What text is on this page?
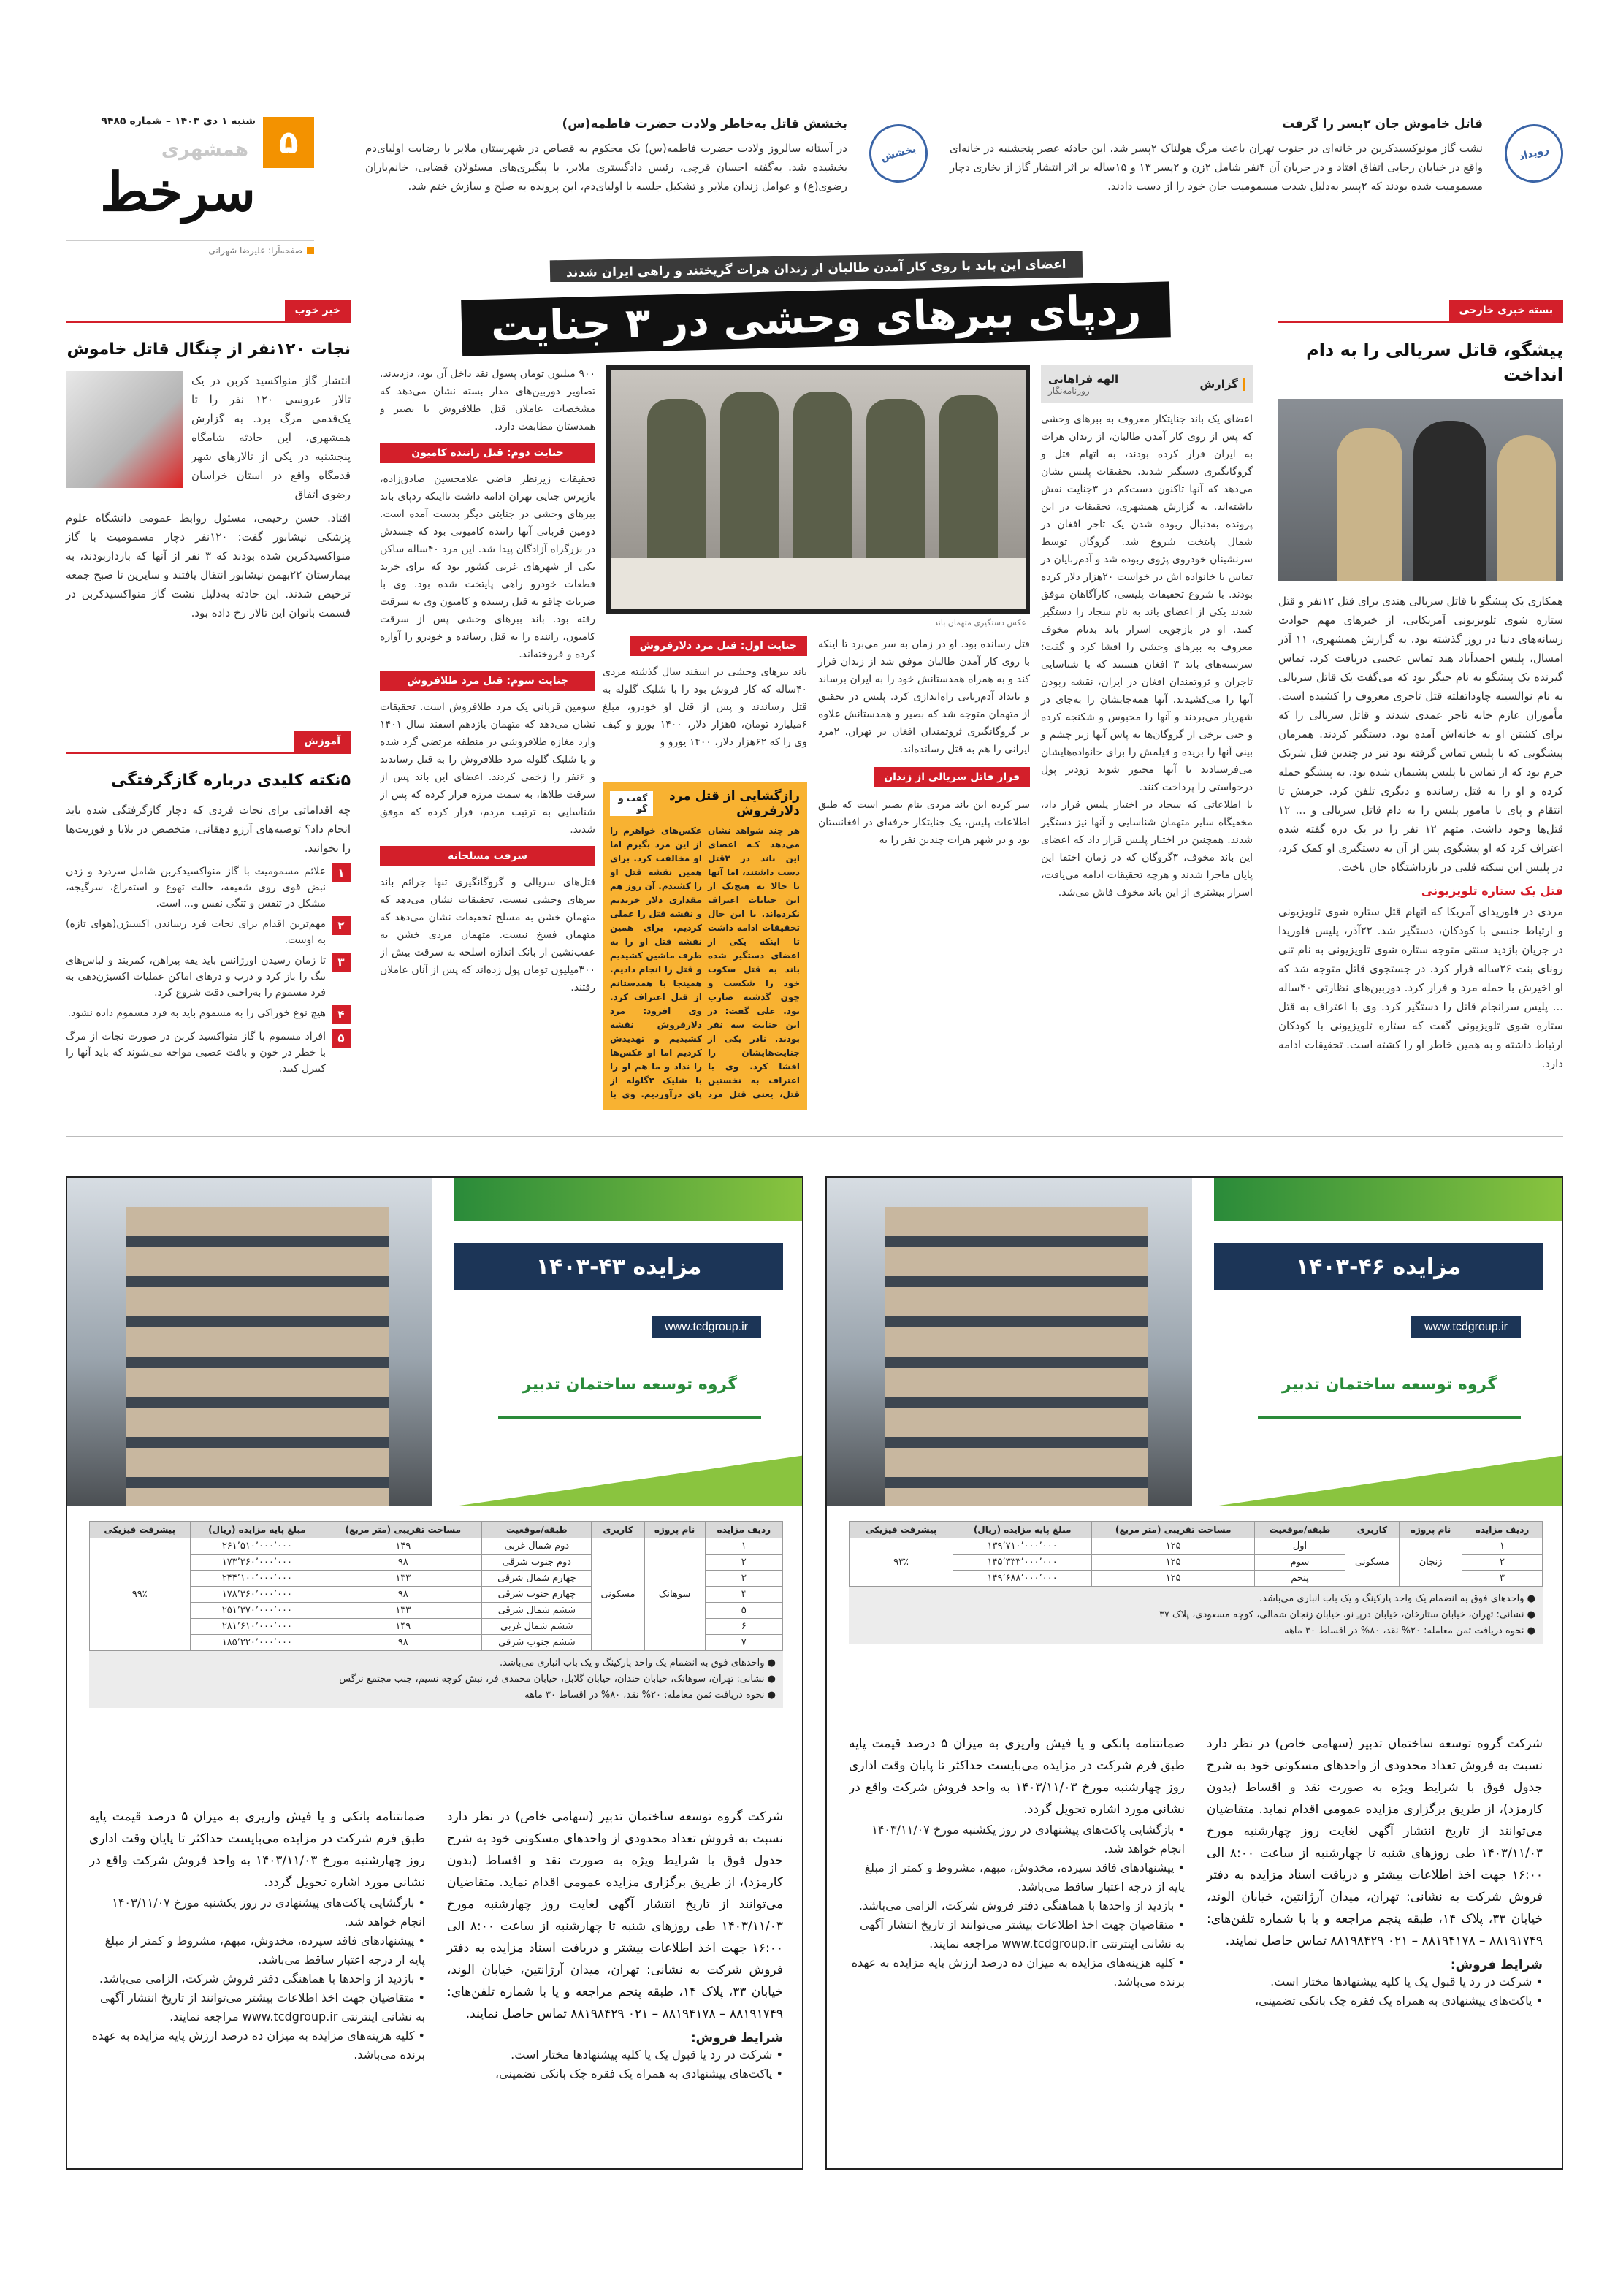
۵
شنبه ۱ دی ۱۴۰۳ – شماره ۹۴۸۵
همشهری
سرخط
صفحه‌آرا: علیرضا شهرانی
رویداد
قاتل خاموش جان ۲پسر را گرفت

نشت گاز مونوکسیدکربن در خانه‌ای در جنوب تهران باعث مرگ هولناک ۲پسر شد. این حادثه عصر پنجشنبه در خانه‌ای واقع در خیابان رجایی اتفاق افتاد و در جریان آن ۴نفر شامل ۲زن و ۲پسر ۱۳ و ۱۵ساله بر اثر انتشار گاز از بخاری دچار مسمومیت شده بودند که ۲پسر به‌دلیل شدت مسمومیت جان خود را از دست دادند.

بخشش
بخشش قاتل به‌خاطر ولادت حضرت فاطمه(س)

در آستانه سالروز ولادت حضرت فاطمه(س) یک محکوم به قصاص در شهرستان ملایر با رضایت اولیای‌دم بخشیده شد. به‌گفته احسان قرچی، رئیس دادگستری ملایر، با پیگیری‌های مسئولان قضایی، خانم‌یاران رضوی(ع) و عوامل زندان ملایر و تشکیل جلسه با اولیای‌دم، این پرونده به صلح و سازش ختم شد.

بسته خبری خارجی
پیشگو، قاتل سریالی را به دام انداخت

همکاری یک پیشگو با قاتل سریالی هندی برای قتل ۱۲نفر و قتل ستاره شوی تلویزیونی آمریکایی، از خبرهای مهم حوادث رسانه‌های دنیا در روز گذشته بود. به گزارش همشهری، ۱۱ آذر امسال، پلیس احمدآباد هند تماس عجیبی دریافت کرد. تماس گیرنده یک پیشگو به نام جیگر بود که می‌گفت یک قاتل سریالی به نام نوالسینه چاوداتفلته قتل تاجری معروف را کشیده است. مأموران عازم خانه تاجر عمدی شدند و قاتل سریالی را که برای کشتن او به خانه‌اش آمده بود، دستگیر کردند. همزمان پیشگویی که با پلیس تماس گرفته بود نیز در چندین قتل شریک جرم بود که از تماس با پلیس پشیمان شده بود. به پیشگو حمله کرده و او را به قتل رسانده و دیگری تلفن کرد. جرمش تا انتقام و پای با مامور پلیس را به دام قاتل سریالی و ... ۱۲ قتل‌ها وجود داشت. متهم ۱۲ نفر را در یک دره گفته شده اعتراف کرد که او پیشگوی پس از آن به دستگیری او کمک کرد، در پلیس این سکته قلبی در بازداشتگاه جان باخت.

قتل یک ستاره تلویزیونی

مردی در فلوریدای آمریکا که اتهام قتل ستاره شوی تلویزیونی و ارتباط جنسی با کودکان، دستگیر شد. ۲۲آذر، پلیس فلوریدا در جریان بازدید سنتی متوجه ستاره شوی تلویزیونی به نام تنی رونای بنت ۲۶ساله فرار کرد. در جستجوی قاتل متوجه شد که او اخیرش با حمله مرد و فرار کرد. دوربین‌های نظارتی ۴۰ساله ... پلیس سرانجام قاتل را دستگیر کرد. وی با اعتراف به قتل ستاره شوی تلویزیونی گفت که ستاره تلویزیونی با کودکان ارتباط داشته و به همین خاطر او را کشته است. تحقیقات ادامه دارد.

خبر خوب
نجات ۱۲۰نفر از چنگال قاتل خاموش

انتشار گاز منواکسید کربن در یک تالار عروسی ۱۲۰ نفر را تا یک‌قدمی مرگ برد. به گزارش همشهری، این حادثه شامگاه پنجشنبه در یکی از تالارهای شهر قدمگاه واقع در استان خراسان رضوی اتفاق

افتاد. حسن رحیمی، مسئول روابط عمومی دانشگاه علوم پزشکی نیشابور گفت: ۱۲۰نفر دچار مسمومیت با گاز منواکسیدکربن شده بودند که ۳ نفر از آنها که بارداربودند، به بیمارستان ۲۲بهمن نیشابور انتقال یافتند و سایرین تا صبح جمعه ترخیص شدند. این حادثه به‌دلیل نشت گاز منواکسیدکربن در قسمت بانوان این تالار رخ داده بود.

آموزش
۵نکته کلیدی درباره گازگرفتگی

چه اقداماتی برای نجات فردی که دچار گازگرفتگی شده باید انجام داد؟ توصیه‌های آرزو دهقانی، متخصص در بلایا و فوریت‌ها را بخوانید.

۱
علائم مسمومیت با گاز منواکسیدکربن شامل سردرد و زدن نبض قوی روی شقیقه، حالت تهوع و استفراغ، سرگیجه، مشکل در تنفس و تنگی نفس و... است.
۲
مهم‌ترین اقدام برای نجات فرد رساندن اکسیژن(هوای تازه) به اوست.
۳
تا زمان رسیدن اورژانس باید یقه پیراهن، کمربند و لباس‌های تنگ را باز کرد و درب و درهای اماکن عملیات اکسیژن‌دهی به فرد مسموم را به‌راحتی دقت شروع کرد.
۴
هیچ نوع خوراکی را به مسموم باید به فرد مسموم داده نشود.
۵
افراد مسموم با گاز منواکسید کربن در صورت نجات از مرگ با خطر در خون و بافت عصبی مواجه می‌شوند که باید آنها را کنترل کنند.
اعضای این باند با روی کار آمدن طالبان از زندان هرات گریختند و راهی ایران شدند
ردپای ببرهای وحشی در ۳ جنایت
گزارش
الهه فراهانی
روزنامه‌نگار

اعضای یک باند جنایتکار معروف به ببرهای وحشی که پس از روی کار آمدن طالبان، از زندان هرات به ایران فرار کرده بودند، به اتهام قتل و گروگانگیری دستگیر شدند. تحقیقات پلیس نشان می‌دهد که آنها تاکنون دست‌کم در ۳جنایت نقش داشته‌اند. به گزارش همشهری، تحقیقات در این پرونده به‌دنبال ربوده شدن یک تاجر افغان در شمال پایتخت شروع شد. گروگان توسط سرنشینان خودروی پژوی ربوده شد و آدم‌ربایان در تماس با خانواده اش در خواست ۲۰هزار دلار کرده بودند. با شروع تحقیقات پلیسی، کارآگاهان موفق شدند یکی از اعضای باند به نام سجاد را دستگیر کنند. او در بازجویی اسرار باند بدنام مخوف معروف به ببرهای وحشی را افشا کرد و گفت: سرسته‌های باند ۳ افغان هستند که با شناسایی تاجران و ثروتمندان افغان در ایران، نقشه ربودن آنها را می‌کشیدند. آنها همه‌جابشان را به‌جای در شهریار می‌بردند و آنها را محبوس و شکنجه کرده و حتی برخی از گروگان‌ها به پاس آنها زیر چشم و بینی آنها را بریده و قیلمش را برای خانواده‌هایشان می‌فرستادند تا آنها مجبور شوند زودتر پول درخواستی را پرداخت کنند.

با اطلاعاتی که سجاد در اختیار پلیس قرار داد، مخفیگاه سایر متهمان شناسایی و آنها نیز دستگیر شدند. همچنین در اختیار پلیس قرار داد که اعضای این باند مخوف، ۳گروگان که در زمان اختفا این پایان ماجرا شدند و هرچه تحقیقات ادامه می‌یافت، اسرار بیشتری از این باند مخوف فاش می‌شد.

قتل رسانده بود. او در زمان به سر می‌برد تا اینکه با روی کار آمدن طالبان موفق شد از زندان فرار کند و به همراه همدستانش خود را به ایران برساند و بانداد آدم‌ربایی راه‌اندازی کرد. پلیس در تحقیق از متهمان متوجه شد که بصیر و همدستانش علاوه بر گروگانگیری ثروتمندان افغان در تهران، ۲مرد ایرانی را هم به قتل رسانده‌اند.

فرار قاتل سریالی از زندان

سر کرده این باند مردی بنام بصیر است که طبق اطلاعات پلیس، یک جنایتکار حرفه‌ای در افغانستان بود و در شهر هرات چندین نفر را به

عکس دستگیری متهمان باند
جنایت اول: قتل مرد دلارفروش

باند ببرهای وحشی در اسفند سال گذشته مردی ۴۰ساله که کار فروش بود را با شلیک گلوله به قتل رساندند و پس از قتل او خودرو، مبلغ ۶میلیارد تومان، ۵هزار دلار، ۱۴۰۰ یورو و کیف وی را که ۶۲هزار دلار، ۱۴۰۰ یورو و

۹۰۰ میلیون تومان پسول نقد داخل آن بود، دزدیدند. تصاویر دوربین‌های مدار بسته نشان می‌دهد که مشخصات عاملان قتل طلافروش با بصیر و همدستان مطابقت دارد.

جنایت دوم: قتل راننده کامیون

تحقیقات زیرنظر قاضی غلامحسین صادق‌زاده، بازپرس جنایی تهران ادامه داشت تااینکه ردپای باند ببرهای وحشی در جنایتی دیگر بدست آمده است. دومین قربانی آنها راننده کامیونی بود که جسدش در بزرگراه آزادگان پیدا شد. این مرد ۴۰ساله ساکن یکی از شهرهای غربی کشور بود که برای خرید قطعات خودرو راهی پایتخت شده بود. وی با ضربات چاقو به قتل رسیده و کامیون وی به سرقت رفته بود. باند ببرهای وحشی پس از سرقت کامیون، راننده را به قتل رسانده و خودرو را آواره کرده و فروخته‌اند.

جنایت سوم: قتل مرد طلافروش

سومین قربانی یک مرد طلافروش است. تحقیقات نشان می‌دهد که متهمان یازدهم اسفند سال ۱۴۰۱ وارد مغازه طلافروشی در منطقه مرتضی گرد شده و با شلیک گلوله مرد طلافروش را به قتل رساندند و ۶نفر را زخمی کردند. اعضای این باند پس از سرقت طلاها، به سمت مرزه فرار کرده که پس از شناسایی به ترتیب مردم، فرار کرده که موفق شدند.

سرقت مسلحانه

قتل‌های سریالی و گروگانگیری تنها جرائم باند ببرهای وحشی نیست. تحقیقات نشان می‌دهد که متهمان خشن به مسلح تحقیقات نشان می‌دهد که متهمان فسخ نیست. متهمان مردی خشن به عقب‌نشین از بانک اندازه اسلحه به سرقت بیش از ۳۰۰میلیون تومان پول زده‌اند که پس از آنان عاملان رفتند.

رازگشایی از قتل مرد دلارفروش
گفت و گو

هر چند شواهد نشان می‌دهد کـه اعضای این باند در ۳قتل دست داشتند، اما آنها تا حالا به هیچ‌یک از این جنایات اعتراف نکرده‌اند. با این حال تحقیقات ادامه داشت تا اینکه یکی از اعضای دستگیر شده باند به قتل سکوت خود را شکست و چون گذشته ضارب بود. علی گفت: در این جنایت سه نفر بودند. نادر یکی از جنایت‌هایشان را افشا کرد. وی با اعتراف به نخستین قتل، یعنی قتل مرد

عکس‌های خواهرم را از این مرد بگیرم اما او مخالفت کرد. برای همین نقشه قتل او را کشیدم. آن روز هم مقداری دلار خریدیم و نقشه قتل را عملی کردیم. برای همین نقشه قتل او را به طرف ماشین کشیدیم و قتل را انجام دادیم. همینجا با همدستانم از قتل اعتراف کرد. وی افزود: مرد دلارفروش نقشه کشیدیم و تهدیدش کردیم اما او عکس‌ها را نداد و ما هم او را با شلیک ۲گلوله از پای درآوردیم. وی با

مزایده ۴۶-۱۴۰۳
www.tcdgroup.ir
گروه توسعه ساختمان تدبیر
ردیف مزایده	نام پروژه	کاربری	طبقه/موقعیت	مساحت تقریبی (متر مربع)	مبلغ پایه مزایده (ریال)	پیشرفت فیزیکی
۱	زنجان	مسکونی	اول	۱۲۵	۱۳۹٬۷۱۰٬۰۰۰٬۰۰۰	۹۳٪
۲			سوم	۱۲۵	۱۴۵٬۳۳۳٬۰۰۰٬۰۰۰	
۳			پنجم	۱۲۵	۱۴۹٬۶۸۸٬۰۰۰٬۰۰۰	
● واحدهای فوق به انضمام یک واحد پارکینگ و یک باب انباری می‌باشد.
● نشانی: تهران، خیابان ستارخان، خیابان درپـِ نو، خیابان زنجان شمالی، کوچه مسعودی، پلاک ۳۷
● نحوه دریافت ثمن معامله: ۲۰% نقد، ۸۰% در اقساط ۳۰ ماهه

شرکت گروه توسعه ساختمان تدبیر (سهامی خاص) در نظر دارد نسبت به فروش تعداد محدودی از واحدهای مسکونی خود به شرح جدول فوق با شرایط ویژه به صورت نقد و اقساط (بدون کارمزد)، از طریق برگزاری مزایده عمومی اقدام نماید. متقاضیان می‌توانند از تاریخ انتشار آگهی لغایت روز چهارشنبه مورخ ۱۴۰۳/۱۱/۰۳ طی روزهای شنبه تا چهارشنبه از ساعت ۸:۰۰ الی ۱۶:۰۰ جهت اخذ اطلاعات بیشتر و دریافت اسناد مزایده به دفتر فروش شرکت به نشانی: تهران، میدان آرژانتین، خیابان الوند، خیابان ۳۳، پلاک ۱۴، طبقه پنجم مراجعه و یا با شماره تلفن‌های: ۸۸۱۹۱۷۴۹ – ۸۸۱۹۴۱۷۸ – ۰۲۱ ۸۸۱۹۸۴۲۹ تماس حاصل نمایند.

شرایط فروش:
• شرکت در رد یا قبول یک یا کلیه پیشنهادها مختار است.
• پاکت‌های پیشنهادی به همراه یک فقره چک بانکی تضمینی،

ضمانتنامه بانکی و یا فیش واریزی به میزان ۵ درصد قیمت پایه طبق فرم شرکت در مزایده می‌بایست حداکثر تا پایان وقت اداری روز چهارشنبه مورخ ۱۴۰۳/۱۱/۰۳ به واحد فروش شرکت واقع در نشانی مورد اشاره تحویل گردد.

• بازگشایی پاکت‌های پیشنهادی در روز یکشنبه مورخ ۱۴۰۳/۱۱/۰۷ انجام خواهد شد.
• پیشنهادهای فاقد سپرده، مخدوش، مبهم، مشروط و کمتر از مبلغ پایه از درجه اعتبار ساقط می‌باشد.
• بازدید از واحدها با هماهنگی دفتر فروش شرکت، الزامی می‌باشد.
• متقاضیان جهت اخذ اطلاعات بیشتر می‌توانند از تاریخ انتشار آگهی به نشانی اینترنتی www.tcdgroup.ir مراجعه نمایند.
• کلیه هزینه‌های مزایده به میزان ده درصد ارزش پایه مزایده به عهده برنده می‌باشد.
مزایده ۴۳-۱۴۰۳
www.tcdgroup.ir
گروه توسعه ساختمان تدبیر
ردیف مزایده	نام پروژه	کاربری	طبقه/موقعیت	مساحت تقریبی (متر مربع)	مبلغ پایه مزایده (ریال)	پیشرفت فیزیکی
۱	سوهانک	مسکونی	دوم شمال غربی	۱۴۹	۲۶۱٬۵۱۰٬۰۰۰٬۰۰۰	۹۹٪
۲			دوم جنوب شرقی	۹۸	۱۷۳٬۳۶۰٬۰۰۰٬۰۰۰	
۳			چهارم شمال شرقی	۱۳۳	۲۴۴٬۱۰۰٬۰۰۰٬۰۰۰	
۴			چهارم جنوب شرقی	۹۸	۱۷۸٬۳۶۰٬۰۰۰٬۰۰۰	
۵			ششم شمال شرقی	۱۳۳	۲۵۱٬۳۷۰٬۰۰۰٬۰۰۰	
۶			ششم شمال غربی	۱۴۹	۲۸۱٬۶۱۰٬۰۰۰٬۰۰۰	
۷			ششم جنوب شرقی	۹۸	۱۸۵٬۲۲۰٬۰۰۰٬۰۰۰	
● واحدهای فوق به انضمام یک واحد پارکینگ و یک باب انباری می‌باشد.
● نشانی: تهران، سوهانک، خیابان خندان، خیابان گلابل، خیابان محمدی فر، نبش کوچه نسیم، جنب مجتمع نرگس
● نحوه دریافت ثمن معامله: ۲۰% نقد، ۸۰% در اقساط ۳۰ ماهه

شرکت گروه توسعه ساختمان تدبیر (سهامی خاص) در نظر دارد نسبت به فروش تعداد محدودی از واحدهای مسکونی خود به شرح جدول فوق با شرایط ویژه به صورت نقد و اقساط (بدون کارمزد)، از طریق برگزاری مزایده عمومی اقدام نماید. متقاضیان می‌توانند از تاریخ انتشار آگهی لغایت روز چهارشنبه مورخ ۱۴۰۳/۱۱/۰۳ طی روزهای شنبه تا چهارشنبه از ساعت ۸:۰۰ الی ۱۶:۰۰ جهت اخذ اطلاعات بیشتر و دریافت اسناد مزایده به دفتر فروش شرکت به نشانی: تهران، میدان آرژانتین، خیابان الوند، خیابان ۳۳، پلاک ۱۴، طبقه پنجم مراجعه و یا با شماره تلفن‌های: ۸۸۱۹۱۷۴۹ – ۸۸۱۹۴۱۷۸ – ۰۲۱ ۸۸۱۹۸۴۲۹ تماس حاصل نمایند.

شرایط فروش:
• شرکت در رد یا قبول یک یا کلیه پیشنهادها مختار است.
• پاکت‌های پیشنهادی به همراه یک فقره چک بانکی تضمینی،

ضمانتنامه بانکی و یا فیش واریزی به میزان ۵ درصد قیمت پایه طبق فرم شرکت در مزایده می‌بایست حداکثر تا پایان وقت اداری روز چهارشنبه مورخ ۱۴۰۳/۱۱/۰۳ به واحد فروش شرکت واقع در نشانی مورد اشاره تحویل گردد.

• بازگشایی پاکت‌های پیشنهادی در روز یکشنبه مورخ ۱۴۰۳/۱۱/۰۷ انجام خواهد شد.
• پیشنهادهای فاقد سپرده، مخدوش، مبهم، مشروط و کمتر از مبلغ پایه از درجه اعتبار ساقط می‌باشد.
• بازدید از واحدها با هماهنگی دفتر فروش شرکت، الزامی می‌باشد.
• متقاضیان جهت اخذ اطلاعات بیشتر می‌توانند از تاریخ انتشار آگهی به نشانی اینترنتی www.tcdgroup.ir مراجعه نمایند.
• کلیه هزینه‌های مزایده به میزان ده درصد ارزش پایه مزایده به عهده برنده می‌باشد.
